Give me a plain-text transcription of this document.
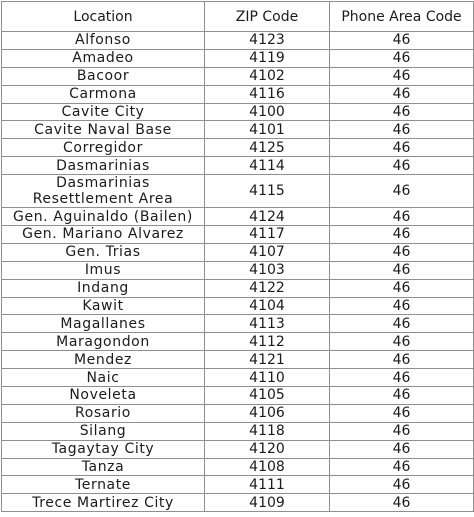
Location	ZIP Code	Phone Area Code
Alfonso	4123	46
Amadeo	4119	46
Bacoor	4102	46
Carmona	4116	46
Cavite City	4100	46
Cavite Naval Base	4101	46
Corregidor	4125	46
Dasmarinias	4114	46
Dasmarinias Resettlement Area	4115	46
Gen. Aguinaldo (Bailen)	4124	46
Gen. Mariano Alvarez	4117	46
Gen. Trias	4107	46
Imus	4103	46
Indang	4122	46
Kawit	4104	46
Magallanes	4113	46
Maragondon	4112	46
Mendez	4121	46
Naic	4110	46
Noveleta	4105	46
Rosario	4106	46
Silang	4118	46
Tagaytay City	4120	46
Tanza	4108	46
Ternate	4111	46
Trece Martirez City	4109	46
